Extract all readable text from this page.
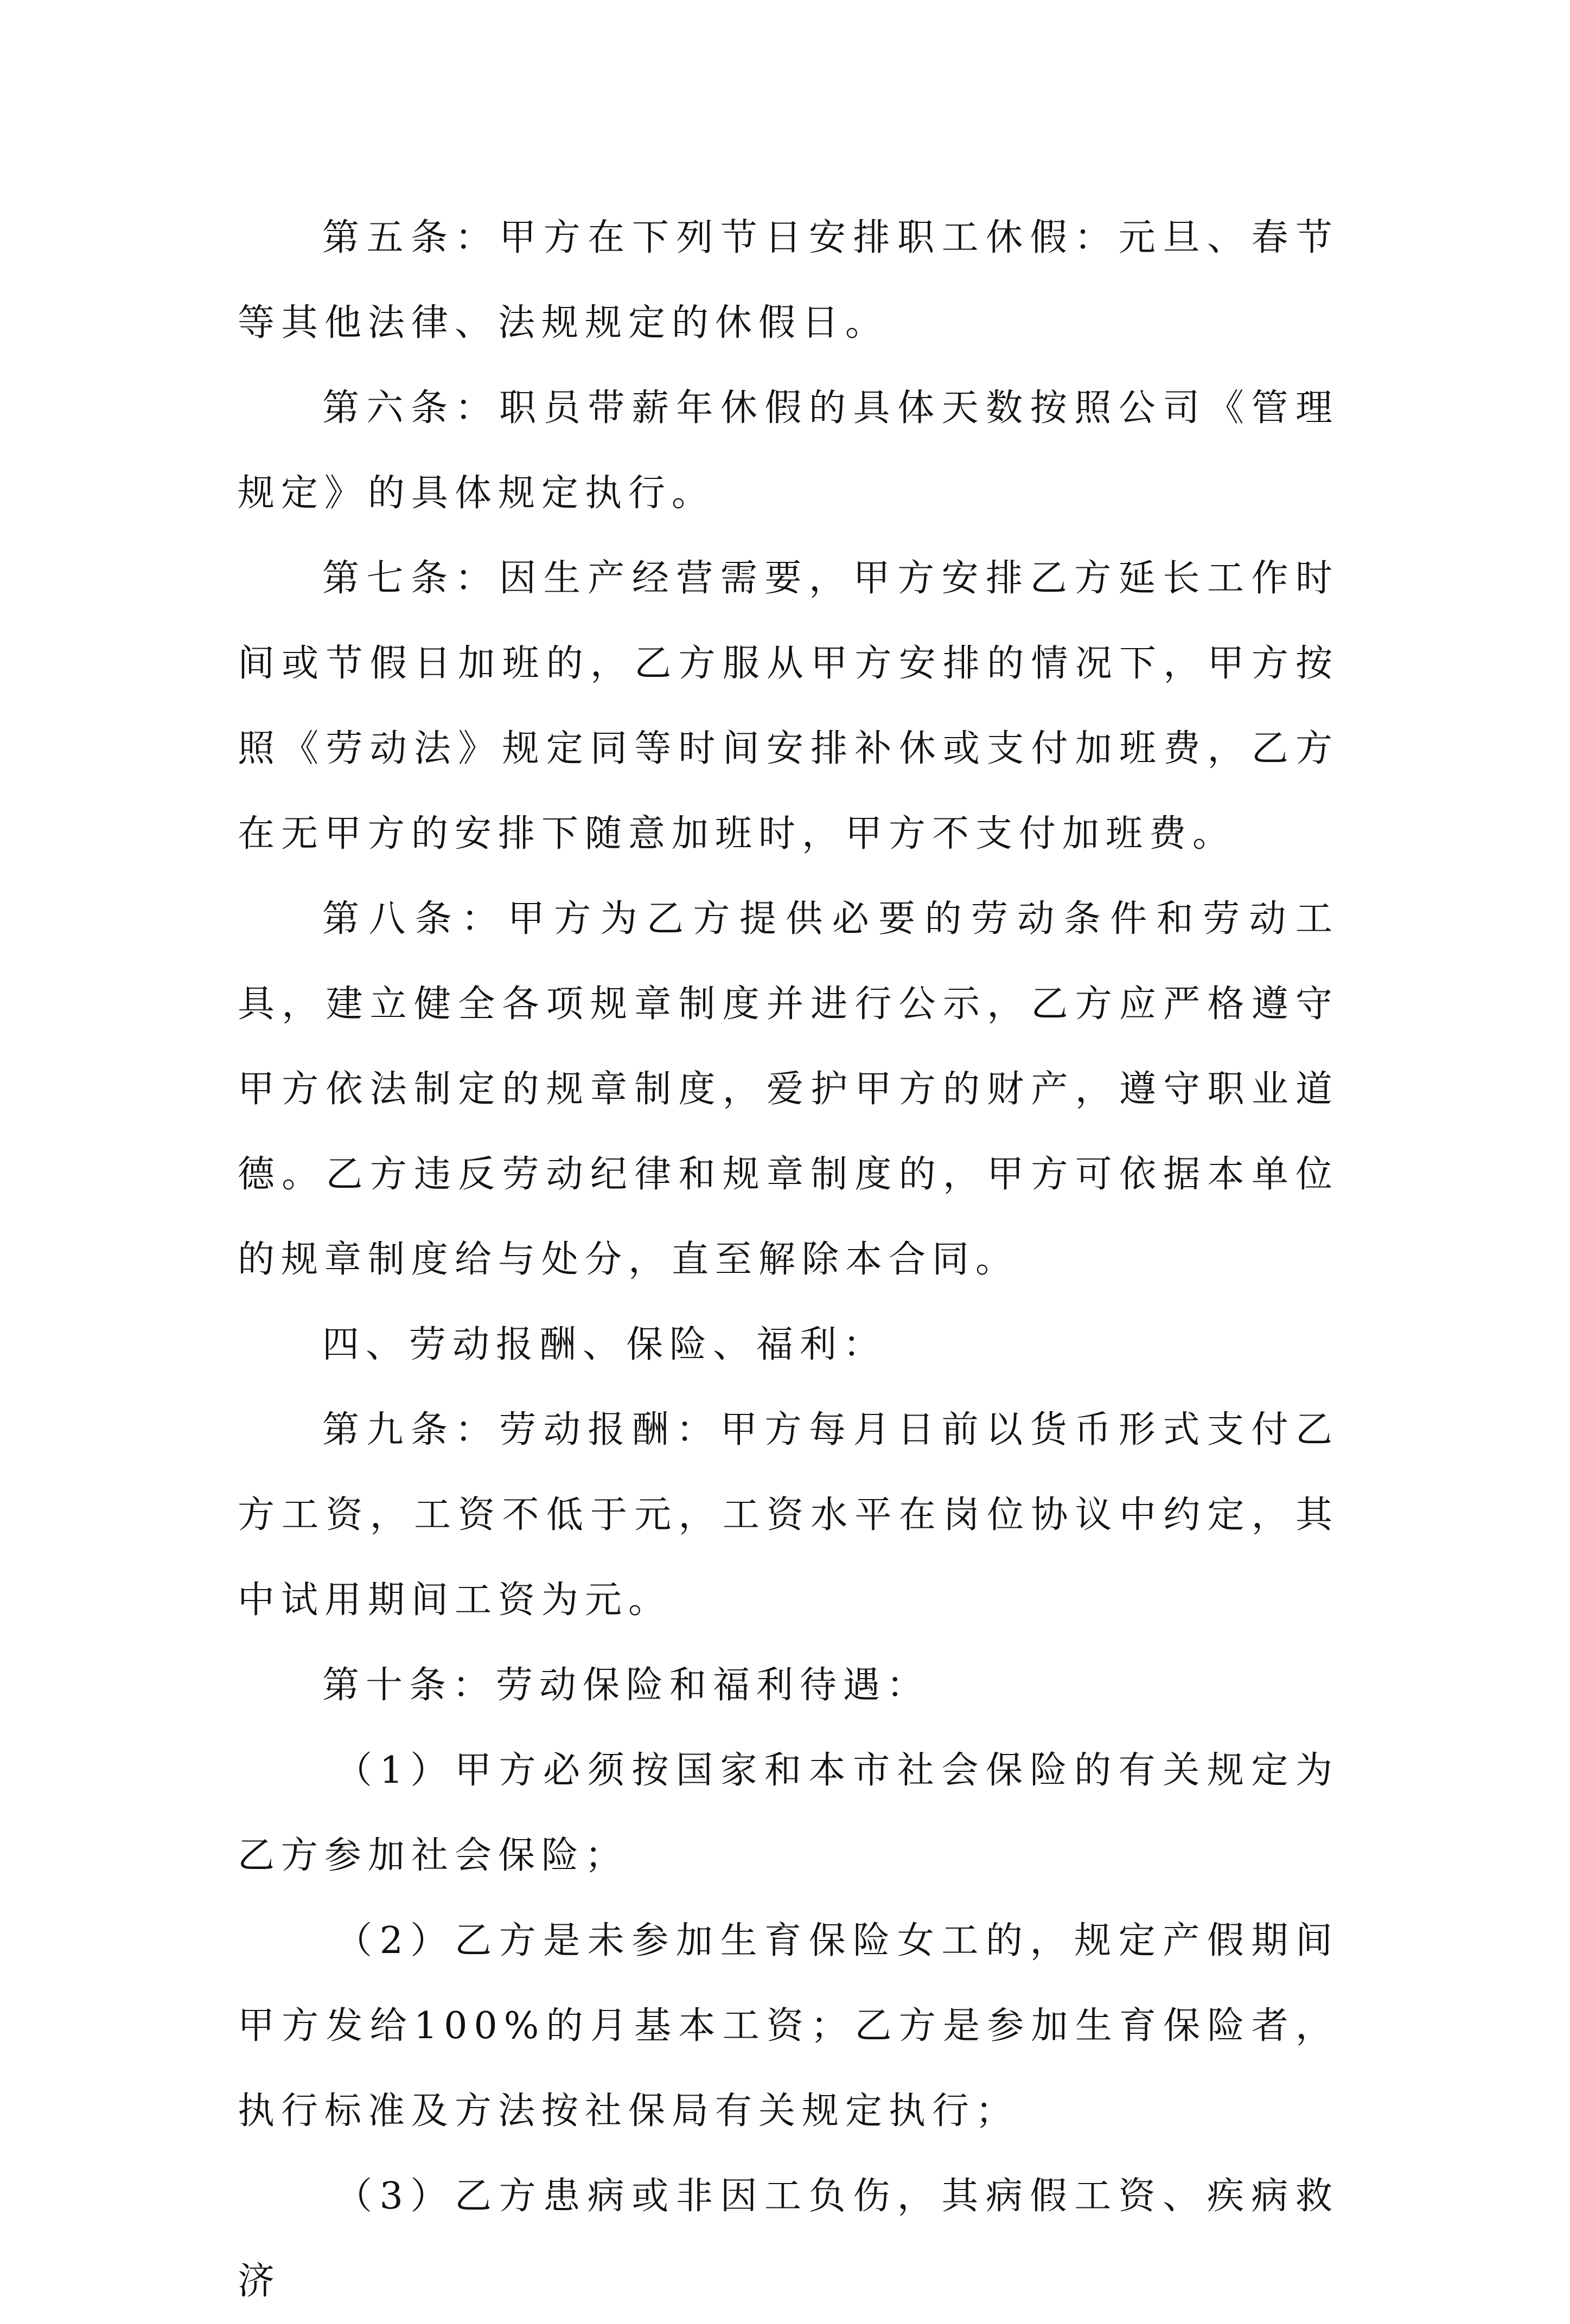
第五条：甲方在下列节日安排职工休假：元旦、春节等其他法律、法规规定的休假日。

第六条：职员带薪年休假的具体天数按照公司《管理规定》的具体规定执行。

第七条：因生产经营需要，甲方安排乙方延长工作时间或节假日加班的，乙方服从甲方安排的情况下，甲方按照《劳动法》规定同等时间安排补休或支付加班费，乙方在无甲方的安排下随意加班时，甲方不支付加班费。

第八条：甲方为乙方提供必要的劳动条件和劳动工具，建立健全各项规章制度并进行公示，乙方应严格遵守甲方依法制定的规章制度，爱护甲方的财产，遵守职业道德。乙方违反劳动纪律和规章制度的，甲方可依据本单位的规章制度给与处分，直至解除本合同。

四、劳动报酬、保险、福利：

第九条：劳动报酬：甲方每月日前以货币形式支付乙方工资，工资不低于元，工资水平在岗位协议中约定，其中试用期间工资为元。

第十条：劳动保险和福利待遇：

（1）甲方必须按国家和本市社会保险的有关规定为乙方参加社会保险；

（2）乙方是未参加生育保险女工的，规定产假期间甲方发给100%的月基本工资；乙方是参加生育保险者，执行标准及方法按社保局有关规定执行；

（3）乙方患病或非因工负伤，其病假工资、疾病救济
